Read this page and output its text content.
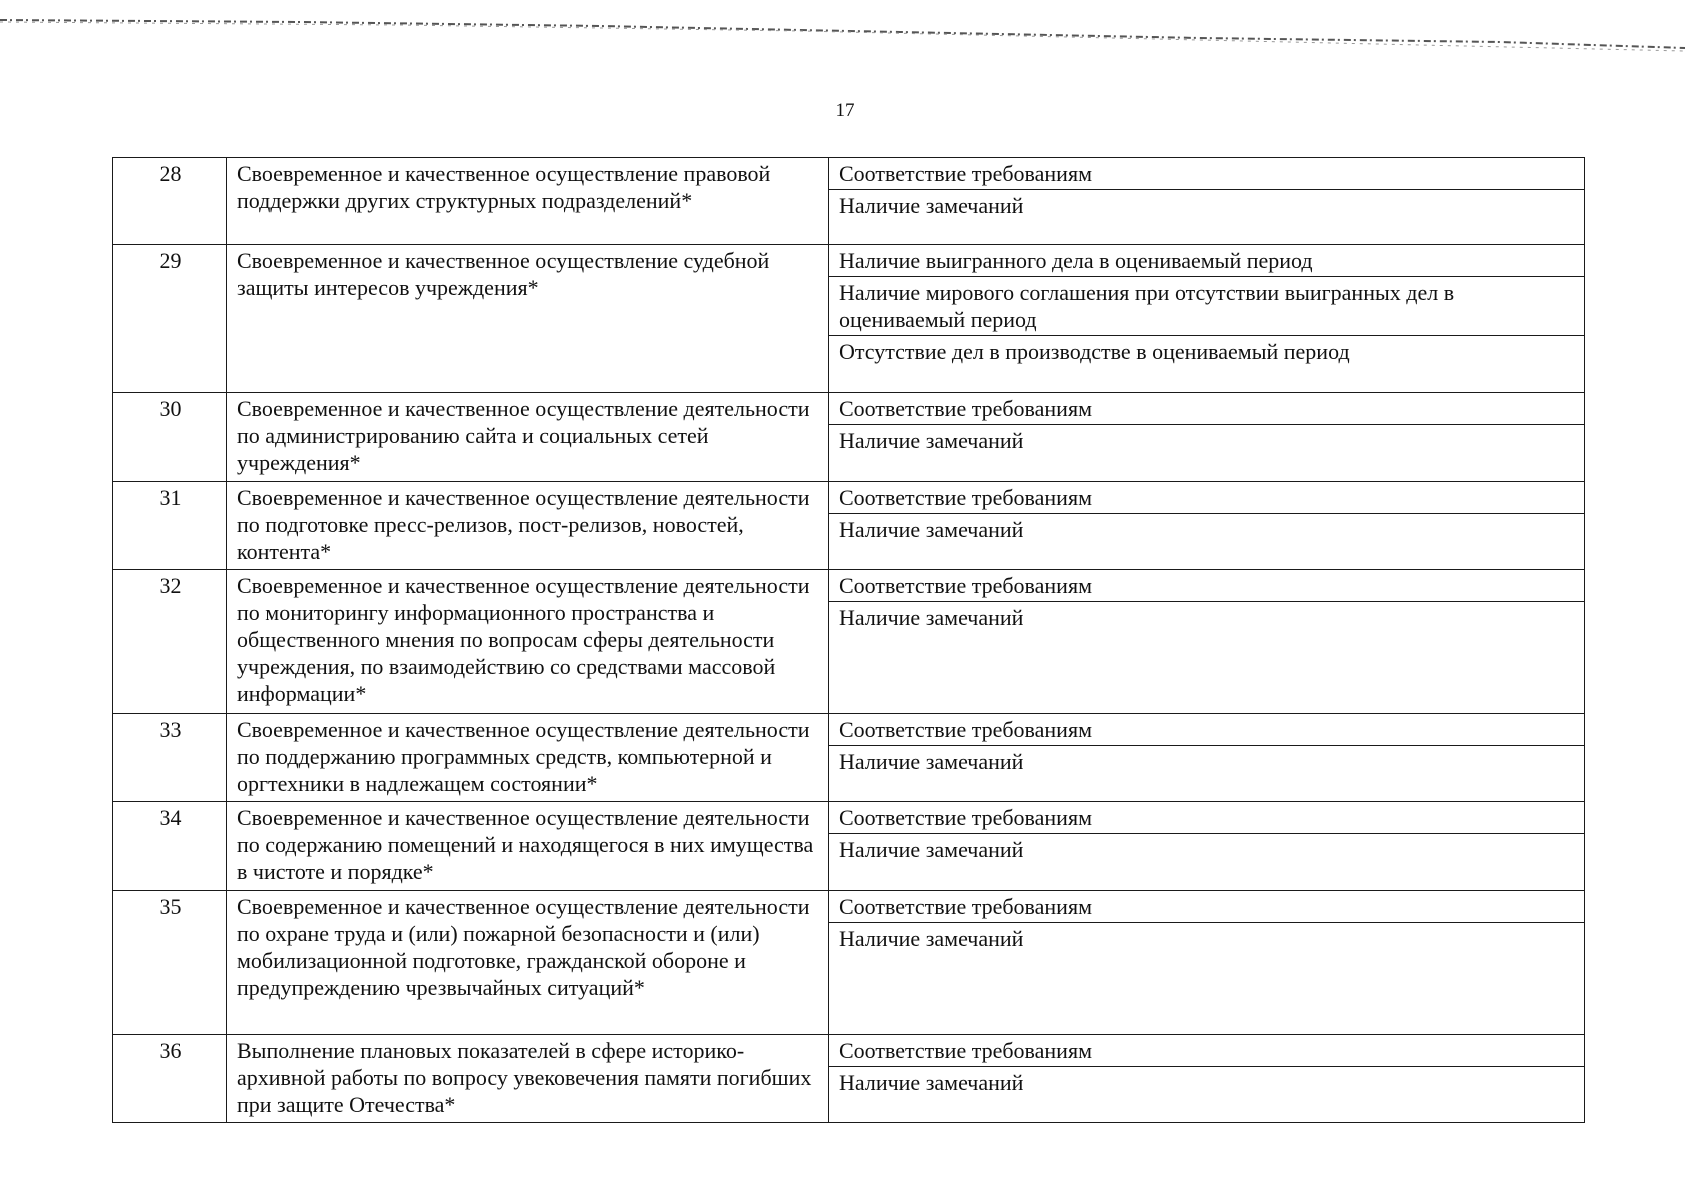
17
28	Своевременное и качественное осуществление правовой поддержки других структурных подразделений*	Соответствие требованиям
		Наличие замечаний
29	Своевременное и качественное осуществление судебной защиты интересов учреждения*	Наличие выигранного дела в оцениваемый период
		Наличие мирового соглашения при отсутствии выигранных дел в оцениваемый период
		Отсутствие дел в производстве в оцениваемый период
30	Своевременное и качественное осуществление деятельности по администрированию сайта и социальных сетей учреждения*	Соответствие требованиям
		Наличие замечаний
31	Своевременное и качественное осуществление деятельности по подготовке пресс-релизов, пост-релизов, новостей, контента*	Соответствие требованиям
		Наличие замечаний
32	Своевременное и качественное осуществление деятельности по мониторингу информационного пространства и общественного мнения по вопросам сферы деятельности учреждения, по взаимодействию со средствами массовой информации*	Соответствие требованиям
		Наличие замечаний
33	Своевременное и качественное осуществление деятельности по поддержанию программных средств, компьютерной и оргтехники в надлежащем состоянии*	Соответствие требованиям
		Наличие замечаний
34	Своевременное и качественное осуществление деятельности по содержанию помещений и находящегося в них имущества в чистоте и порядке*	Соответствие требованиям
		Наличие замечаний
35	Своевременное и качественное осуществление деятельности по охране труда и (или) пожарной безопасности и (или) мобилизационной подготовке, гражданской обороне и предупреждению чрезвычайных ситуаций*	Соответствие требованиям
		Наличие замечаний
36	Выполнение плановых показателей в сфере историко-архивной работы по вопросу увековечения памяти погибших при защите Отечества*	Соответствие требованиям
		Наличие замечаний
